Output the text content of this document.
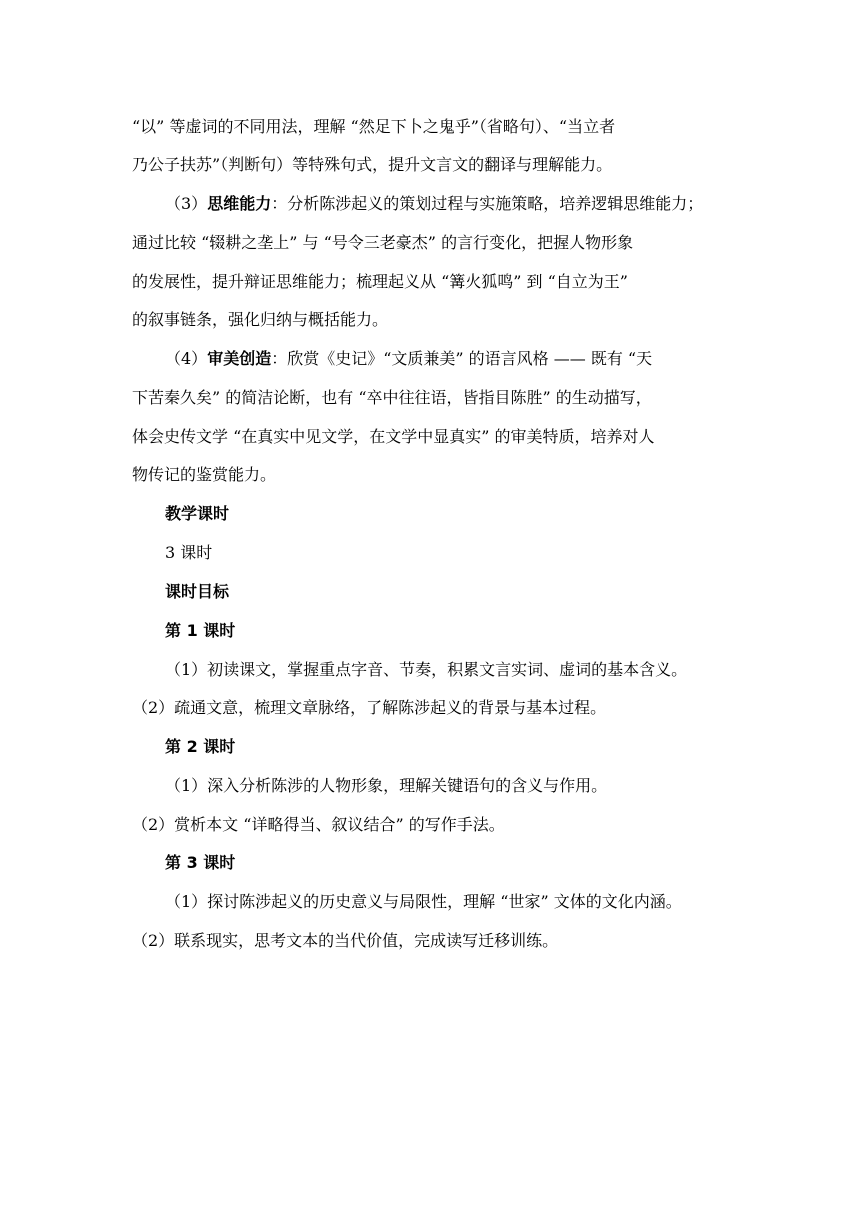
“以” 等虚词的不同用法，理解 “然足下卜之鬼乎”（省略句）、“当立者
乃公子扶苏”（判断句）等特殊句式，提升文言文的翻译与理解能力。
（3）思维能力：分析陈涉起义的策划过程与实施策略，培养逻辑思维能力；
通过比较 “辍耕之垄上” 与 “号令三老豪杰” 的言行变化，把握人物形象
的发展性，提升辩证思维能力；梳理起义从 “篝火狐鸣” 到 “自立为王”
的叙事链条，强化归纳与概括能力。
（4）审美创造：欣赏《史记》“文质兼美” 的语言风格 —— 既有 “天
下苦秦久矣” 的简洁论断，也有 “卒中往往语，皆指目陈胜” 的生动描写，
体会史传文学 “在真实中见文学，在文学中显真实” 的审美特质，培养对人
物传记的鉴赏能力。
教学课时
3 课时
课时目标
第 1 课时
（1）初读课文，掌握重点字音、节奏，积累文言实词、虚词的基本含义。
（2）疏通文意，梳理文章脉络，了解陈涉起义的背景与基本过程。
第 2 课时
（1）深入分析陈涉的人物形象，理解关键语句的含义与作用。
（2）赏析本文 “详略得当、叙议结合” 的写作手法。
第 3 课时
（1）探讨陈涉起义的历史意义与局限性，理解 “世家” 文体的文化内涵。
（2）联系现实，思考文本的当代价值，完成读写迁移训练。
